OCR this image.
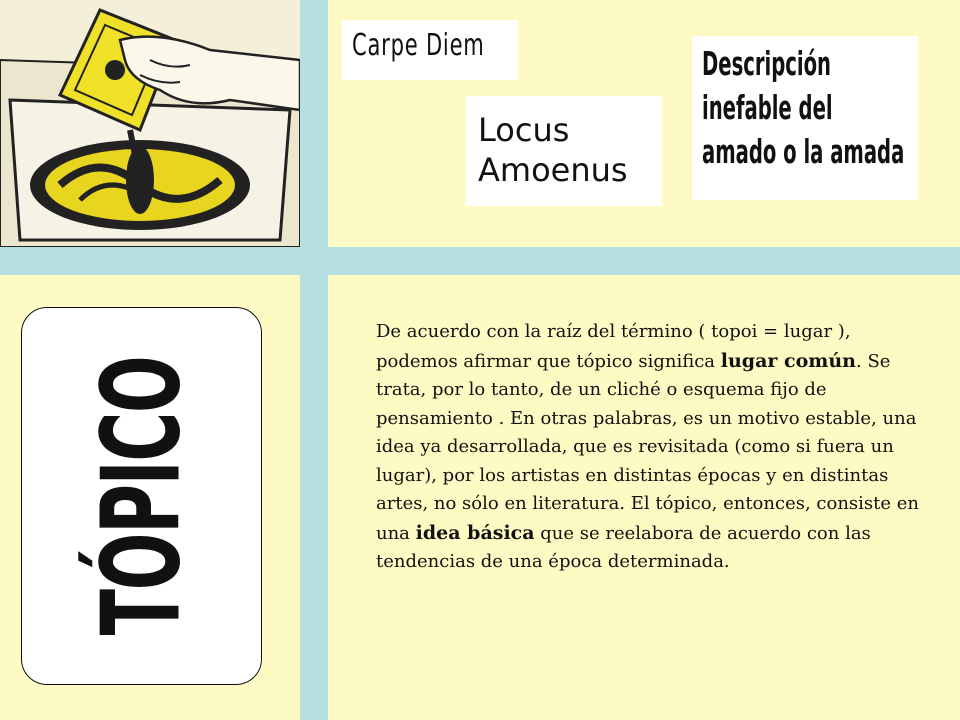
Carpe Diem
Locus
Amoenus
Descripción inefable del amado o la amada
TÓPICO

De acuerdo con la raíz del término ( topoi = lugar ), podemos afirmar que tópico significa lugar común. Se trata, por lo tanto, de un cliché o esquema fijo de pensamiento . En otras palabras, es un motivo estable, una idea ya desarrollada, que es revisitada (como si fuera un lugar), por los artistas en distintas épocas y en distintas artes, no sólo en literatura. El tópico, entonces, consiste en una idea básica que se reelabora de acuerdo con las tendencias de una época determinada.
